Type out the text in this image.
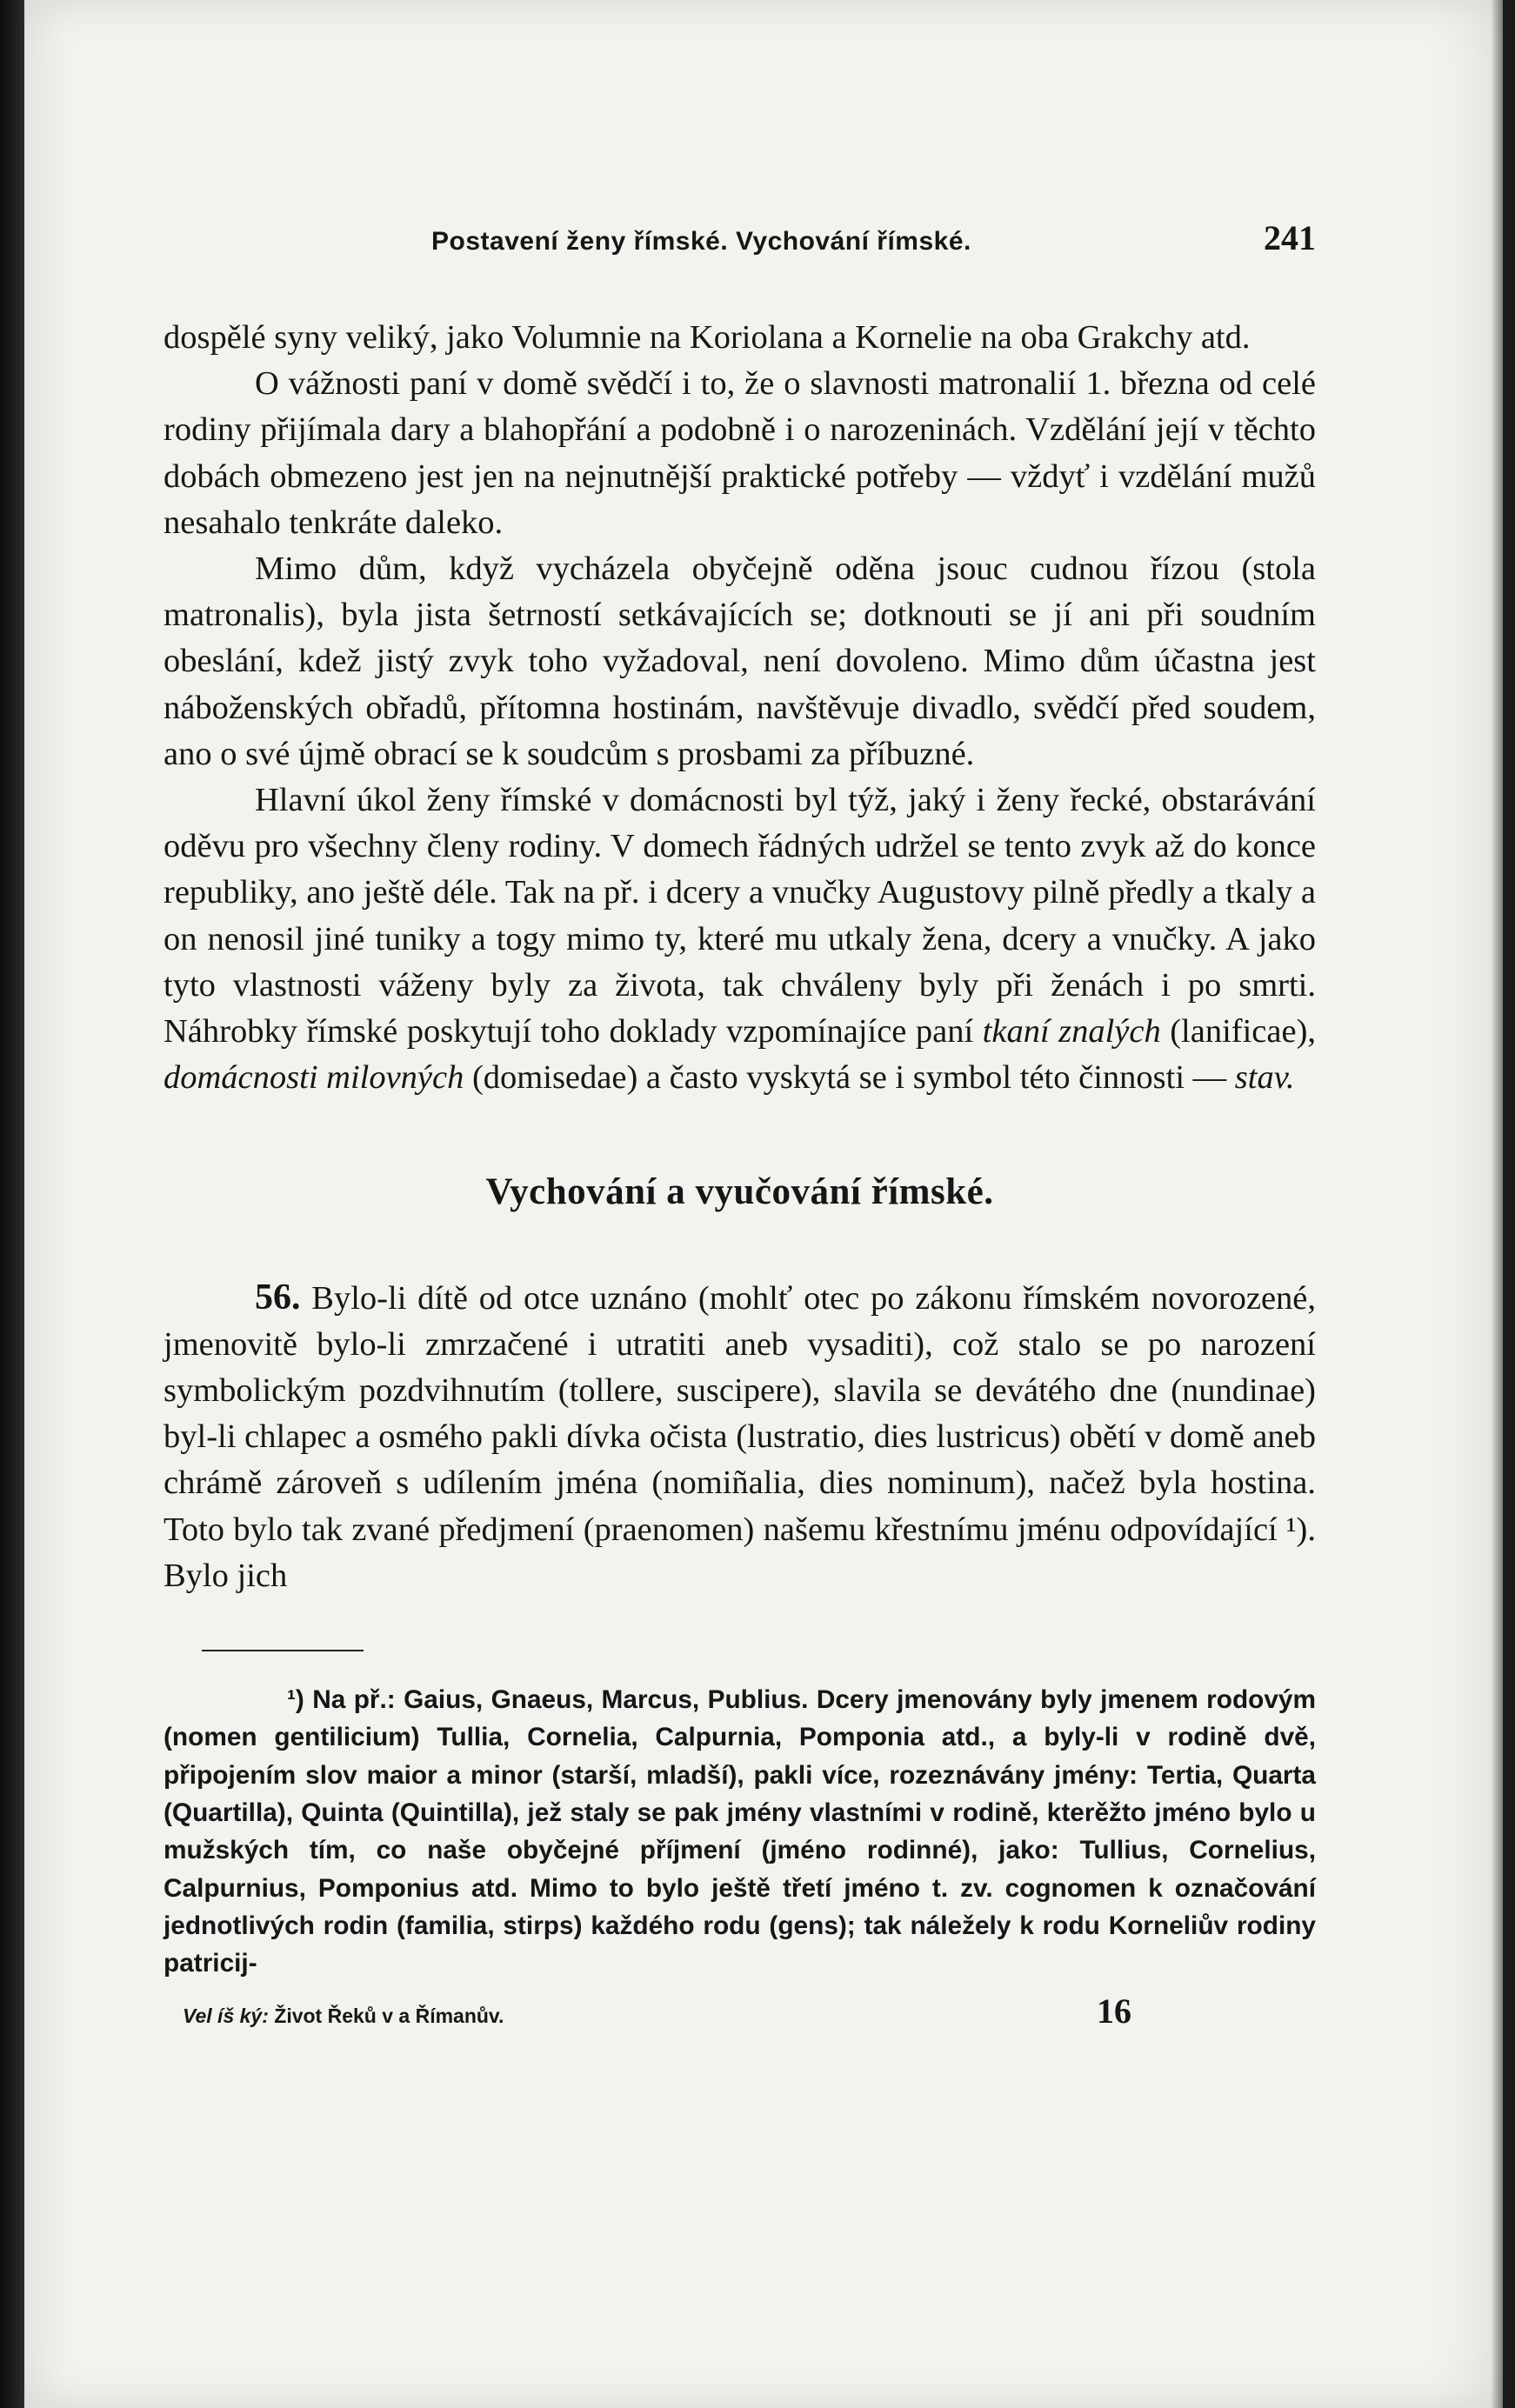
Postavení ženy římské. Vychování římské.	241

dospělé syny veliký, jako Volumnie na Koriolana a Kornelie na oba Grakchy atd.

O vážnosti paní v domě svědčí i to, že o slavnosti matronalií 1. března od celé rodiny přijímala dary a blahopřání a podobně i o narozeninách. Vzdělání její v těchto dobách obmezeno jest jen na nejnutnější praktické potřeby — vždyť i vzdělání mužů nesahalo tenkráte daleko.

Mimo dům, když vycházela obyčejně oděna jsouc cudnou řízou (stola matronalis), byla jista šetrností setkávajících se; dotknouti se jí ani při soudním obeslání, kdež jistý zvyk toho vyžadoval, není dovoleno. Mimo dům účastna jest náboženských obřadů, přítomna hostinám, navštěvuje divadlo, svědčí před soudem, ano o své újmě obrací se k soudcům s prosbami za příbuzné.

Hlavní úkol ženy římské v domácnosti byl týž, jaký i ženy řecké, obstarávání oděvu pro všechny členy rodiny. V domech řádných udržel se tento zvyk až do konce republiky, ano ještě déle. Tak na př. i dcery a vnučky Augustovy pilně předly a tkaly a on nenosil jiné tuniky a togy mimo ty, které mu utkaly žena, dcery a vnučky. A jako tyto vlastnosti váženy byly za života, tak chváleny byly při ženách i po smrti. Náhrobky římské poskytují toho doklady vzpomínajíce paní tkaní znalých (lanificae), domácnosti milovných (domisedae) a často vyskytá se i symbol této činnosti — stav.

Vychování a vyučování římské.

56. Bylo-li dítě od otce uznáno (mohlť otec po zákonu římském novorozené, jmenovitě bylo-li zmrzačené i utratiti aneb vysaditi), což stalo se po narození symbolickým pozdvihnutím (tollere, suscipere), slavila se devátého dne (nundinae) byl-li chlapec a osmého pakli dívka očista (lustratio, dies lustricus) obětí v domě aneb chrámě zároveň s udílením jména (nomiñalia, dies nominum), načež byla hostina. Toto bylo tak zvané předjmení (praenomen) našemu křestnímu jménu odpovídající ¹). Bylo jich

¹) Na př.: Gaius, Gnaeus, Marcus, Publius. Dcery jmenovány byly jmenem rodovým (nomen gentilicium) Tullia, Cornelia, Calpurnia, Pomponia atd., a byly-li v rodině dvě, připojením slov maior a minor (starší, mladší), pakli více, rozeznávány jmény: Tertia, Quarta (Quartilla), Quinta (Quintilla), jež staly se pak jmény vlastními v rodině, kterěžto jméno bylo u mužských tím, co naše obyčejné příjmení (jméno rodinné), jako: Tullius, Cornelius, Calpurnius, Pomponius atd. Mimo to bylo ještě třetí jméno t. zv. cognomen k označování jednotlivých rodin (familia, stirps) každého rodu (gens); tak náležely k rodu Korneliův rodiny patricij-

Vel íš ký: Život Řeků v a Římanův.	16
